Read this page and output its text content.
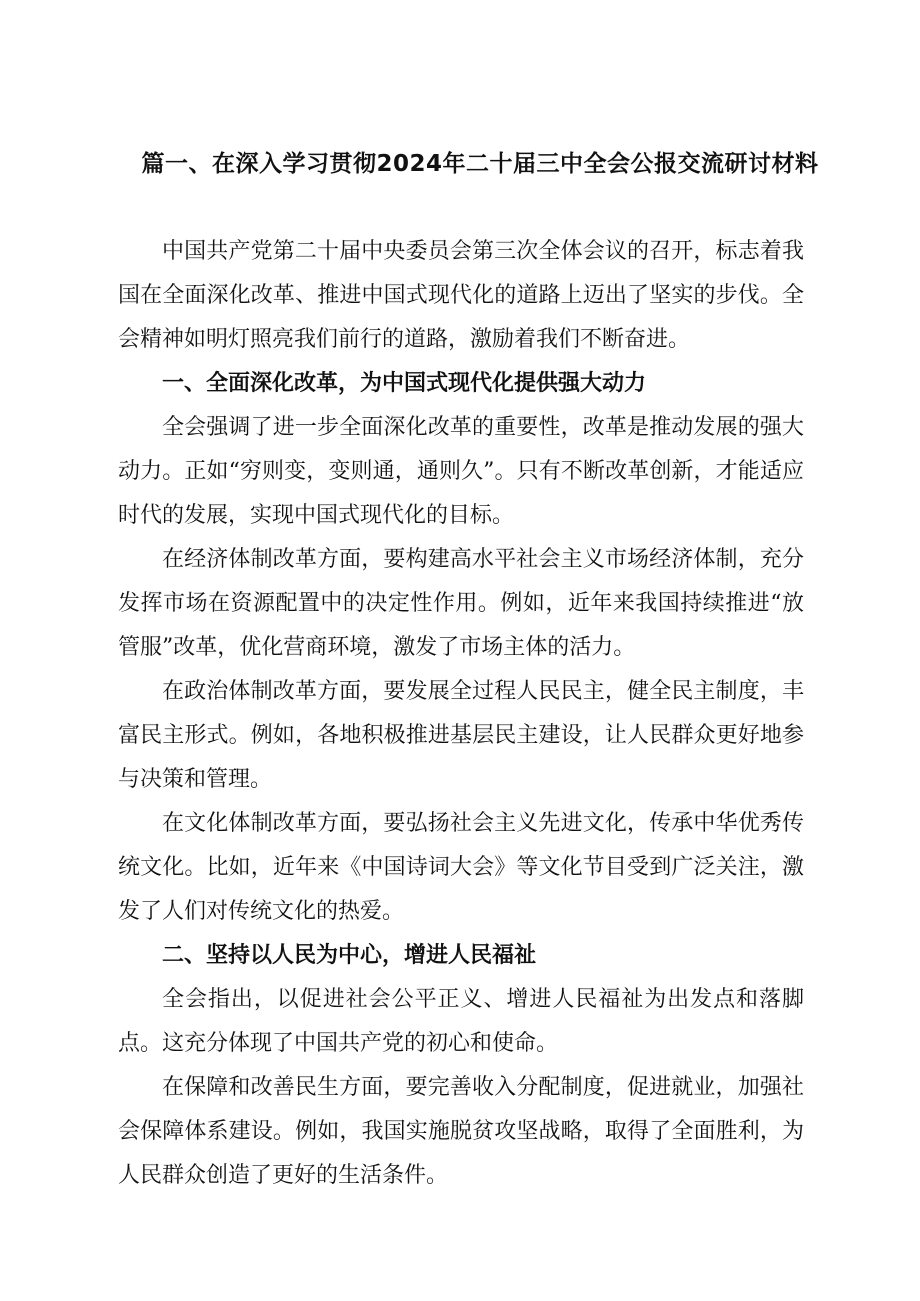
篇一、在深入学习贯彻2024年二十届三中全会公报交流研讨材料

中国共产党第二十届中央委员会第三次全体会议的召开，标志着我国在全面深化改革、推进中国式现代化的道路上迈出了坚实的步伐。全会精神如明灯照亮我们前行的道路，激励着我们不断奋进。

一、全面深化改革，为中国式现代化提供强大动力

全会强调了进一步全面深化改革的重要性，改革是推动发展的强大动力。正如“穷则变，变则通，通则久”。只有不断改革创新，才能适应时代的发展，实现中国式现代化的目标。

在经济体制改革方面，要构建高水平社会主义市场经济体制，充分发挥市场在资源配置中的决定性作用。例如，近年来我国持续推进“放管服”改革，优化营商环境，激发了市场主体的活力。

在政治体制改革方面，要发展全过程人民民主，健全民主制度，丰富民主形式。例如，各地积极推进基层民主建设，让人民群众更好地参与决策和管理。

在文化体制改革方面，要弘扬社会主义先进文化，传承中华优秀传统文化。比如，近年来《中国诗词大会》等文化节目受到广泛关注，激发了人们对传统文化的热爱。

二、坚持以人民为中心，增进人民福祉

全会指出，以促进社会公平正义、增进人民福祉为出发点和落脚点。这充分体现了中国共产党的初心和使命。

在保障和改善民生方面，要完善收入分配制度，促进就业，加强社会保障体系建设。例如，我国实施脱贫攻坚战略，取得了全面胜利，为人民群众创造了更好的生活条件。
